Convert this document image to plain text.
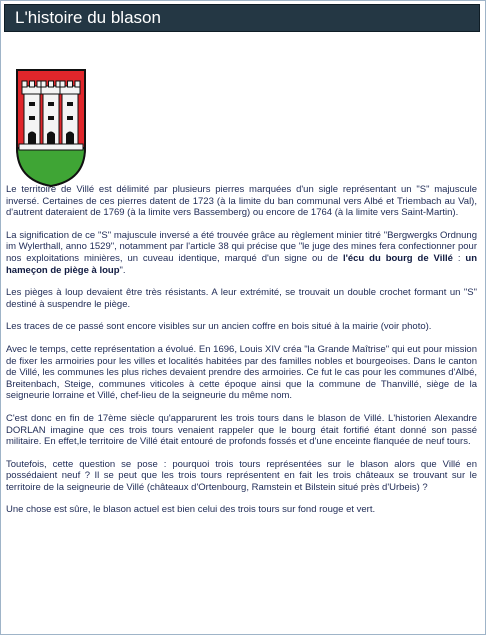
L'histoire du blason

Le territoire de Villé est délimité par plusieurs pierres marquées d'un sigle représentant un "S" majuscule inversé. Certaines de ces pierres datent de 1723 (à la limite du ban communal vers Albé et Triembach au Val), d'autrent dateraient de 1769 (à la limite vers Bassemberg) ou encore de 1764 (à la limite vers Saint-Martin).

La signification de ce "S" majuscule inversé a été trouvée grâce au règlement minier titré "Bergwergks Ordnung im Wylerthall, anno 1529", notamment par l'article 38 qui précise que "le juge des mines fera confectionner pour nos exploitations minières, un cuveau identique, marqué d'un signe ou de l'écu du bourg de Villé : un hameçon de piège à loup".

Les pièges à loup devaient être très résistants. A leur extrémité, se trouvait un double crochet formant un "S" destiné à suspendre le piège.

Les traces de ce passé sont encore visibles sur un ancien coffre en bois situé à la mairie (voir photo).

Avec le temps, cette représentation a évolué. En 1696, Louis XIV créa "la Grande Maîtrise" qui eut pour mission de fixer les armoiries pour les villes et localités habitées par des familles nobles et bourgeoises. Dans le canton de Villé, les communes les plus riches devaient prendre des armoiries. Ce fut le cas pour les communes d'Albé, Breitenbach, Steige, communes viticoles à cette époque ainsi que la commune de Thanvillé, siège de la seigneurie lorraine et Villé, chef-lieu de la seigneurie du même nom.

C'est donc en fin de 17ème siècle qu'apparurent les trois tours dans le blason de Villé. L'historien Alexandre DORLAN imagine que ces trois tours venaient rappeler que le bourg était fortifié étant donné son passé militaire. En effet,le territoire de Villé était entouré de profonds fossés et d'une enceinte flanquée de neuf tours.

Toutefois, cette question se pose : pourquoi trois tours représentées sur le blason alors que Villé en possédaient neuf ? Il se peut que les trois tours représentent en fait les trois châteaux se trouvant sur le territoire de la seigneurie de Villé (châteaux d'Ortenbourg, Ramstein et Bilstein situé près d'Urbeis) ?

Une chose est sûre, le blason actuel est bien celui des trois tours sur fond rouge et vert.
